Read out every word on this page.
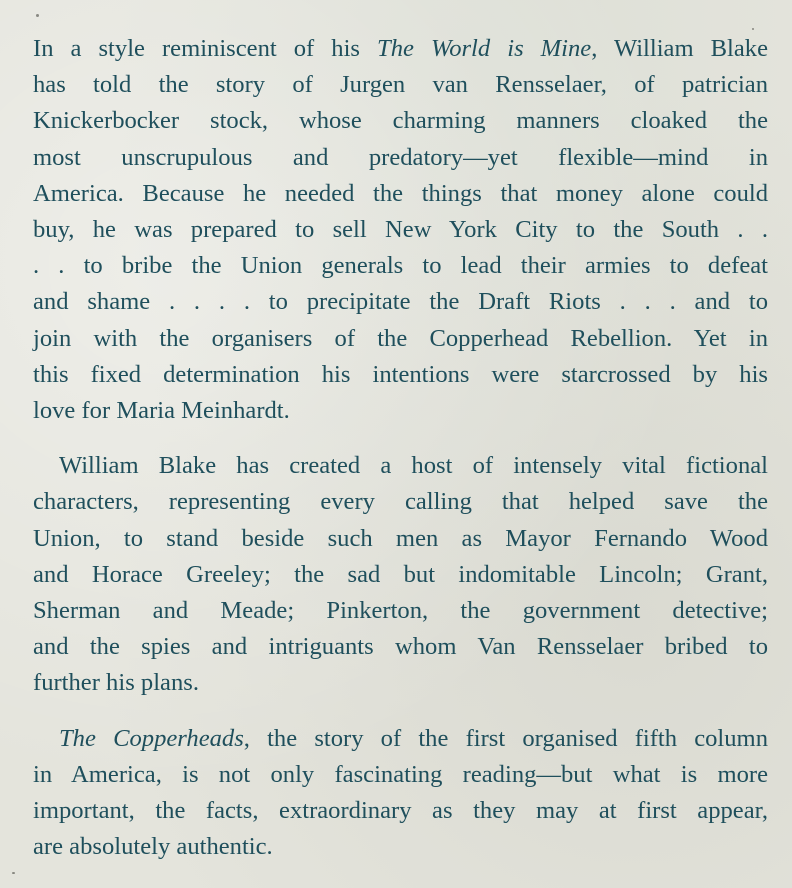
In a style reminiscent of his The World is Mine, William Blake
has told the story of Jurgen van Rensselaer, of patrician
Knickerbocker stock, whose charming manners cloaked the
most unscrupulous and predatory—yet flexible—mind in
America. Because he needed the things that money alone could
buy, he was prepared to sell New York City to the South . .
. . to bribe the Union generals to lead their armies to defeat
and shame . . . . to precipitate the Draft Riots . . . and to
join with the organisers of the Copperhead Rebellion. Yet in
this fixed determination his intentions were starcrossed by his
love for Maria Meinhardt.

William Blake has created a host of intensely vital fictional
characters, representing every calling that helped save the
Union, to stand beside such men as Mayor Fernando Wood
and Horace Greeley; the sad but indomitable Lincoln; Grant,
Sherman and Meade; Pinkerton, the government detective;
and the spies and intriguants whom Van Rensselaer bribed to
further his plans.

The Copperheads, the story of the first organised fifth column
in America, is not only fascinating reading—but what is more
important, the facts, extraordinary as they may at first appear,
are absolutely authentic.
